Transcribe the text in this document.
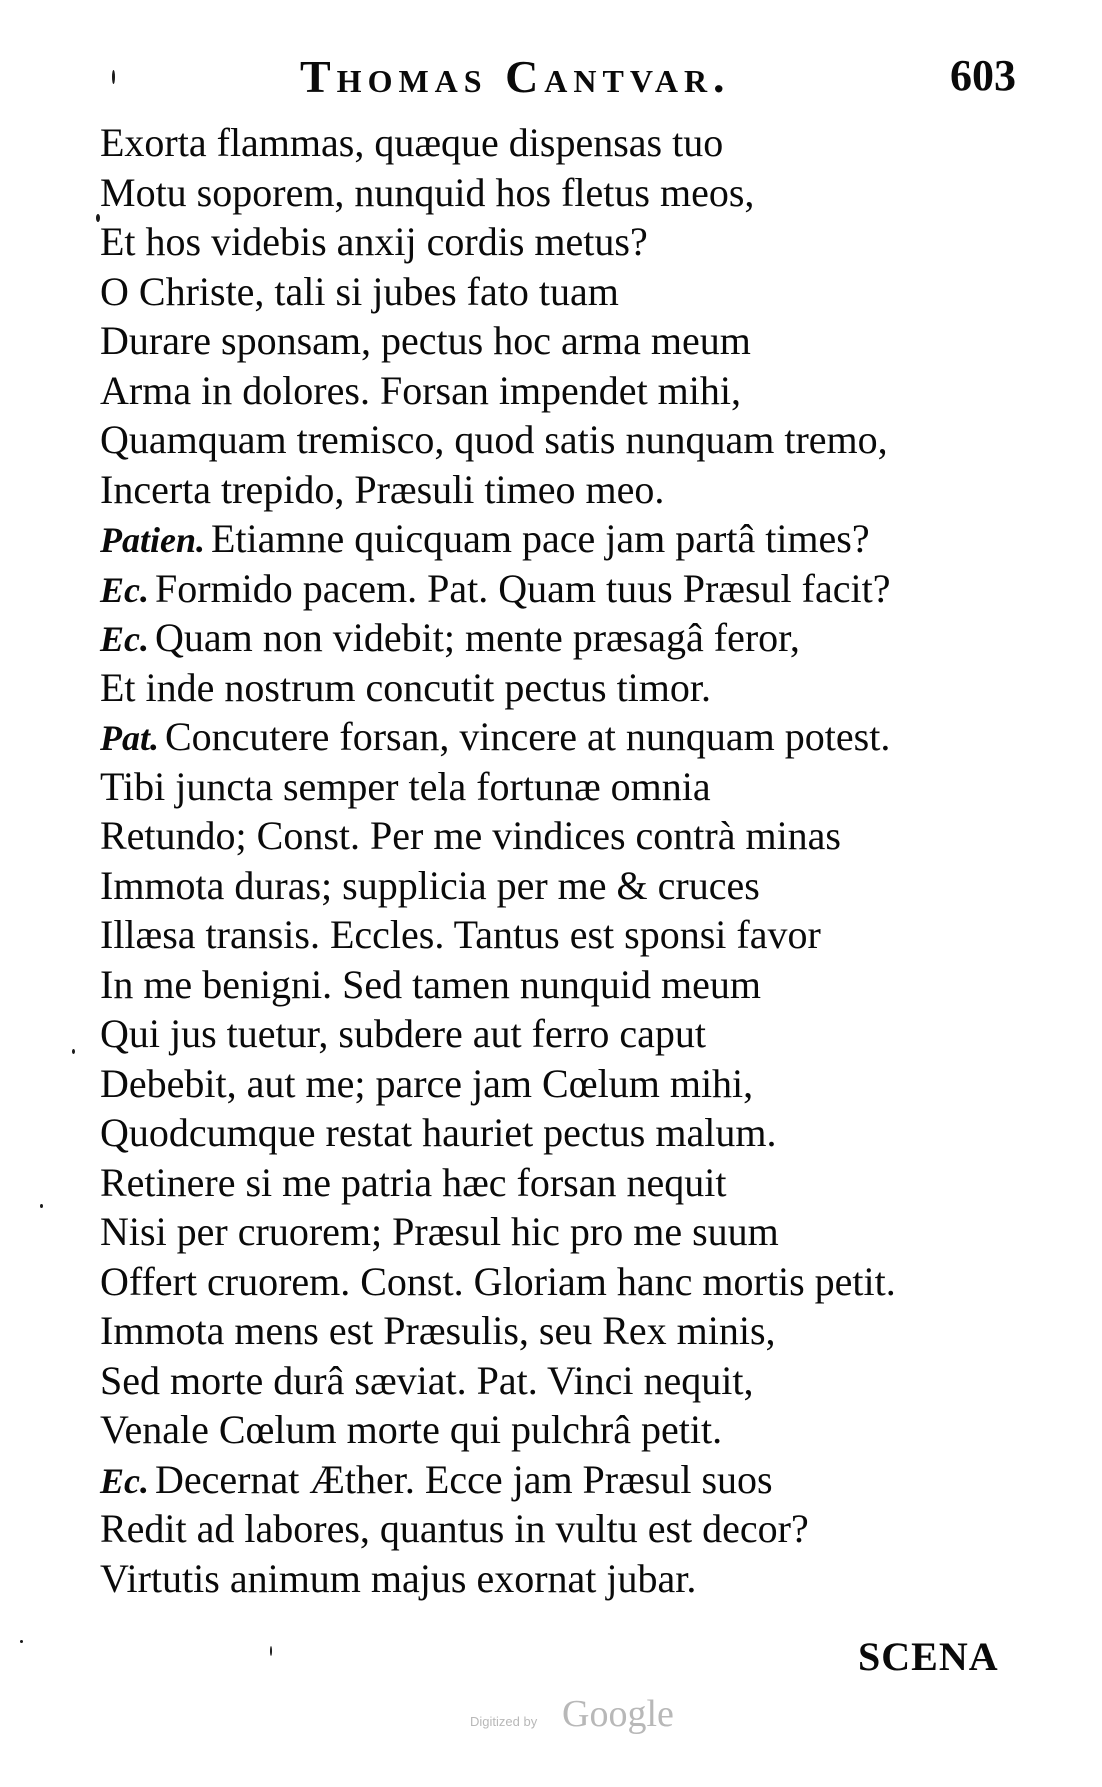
Thomas Cantvar.	603
Exorta flammas, quæque dispensas tuo
Motu soporem, nunquid hos fletus meos,
Et hos videbis anxij cordis metus?
O Christe, tali si jubes fato tuam
Durare sponsam, pectus hoc arma meum
Arma in dolores. Forsan impendet mihi,
Quamquam tremisco, quod satis nunquam tremo,
Incerta trepido, Præsuli timeo meo.
Patien. Etiamne quicquam pace jam partâ times?
Ec. Formido pacem. Pat. Quam tuus Præsul facit?
Ec. Quam non videbit; mente præsagâ feror,
Et inde nostrum concutit pectus timor.
Pat. Concutere forsan, vincere at nunquam potest.
Tibi juncta semper tela fortunæ omnia
Retundo; Const. Per me vindices contrà minas
Immota duras; supplicia per me & cruces
Illæsa transis. Eccles. Tantus est sponsi favor
In me benigni. Sed tamen nunquid meum
Qui jus tuetur, subdere aut ferro caput
Debebit, aut me; parce jam Cœlum mihi,
Quodcumque restat hauriet pectus malum.
Retinere si me patria hæc forsan nequit
Nisi per cruorem; Præsul hic pro me suum
Offert cruorem. Const. Gloriam hanc mortis petit.
Immota mens est Præsulis, seu Rex minis,
Sed morte durâ sæviat. Pat. Vinci nequit,
Venale Cœlum morte qui pulchrâ petit.
Ec. Decernat Æther. Ecce jam Præsul suos
Redit ad labores, quantus in vultu est decor?
Virtutis animum majus exornat jubar.
SCENA
Digitized by Google
